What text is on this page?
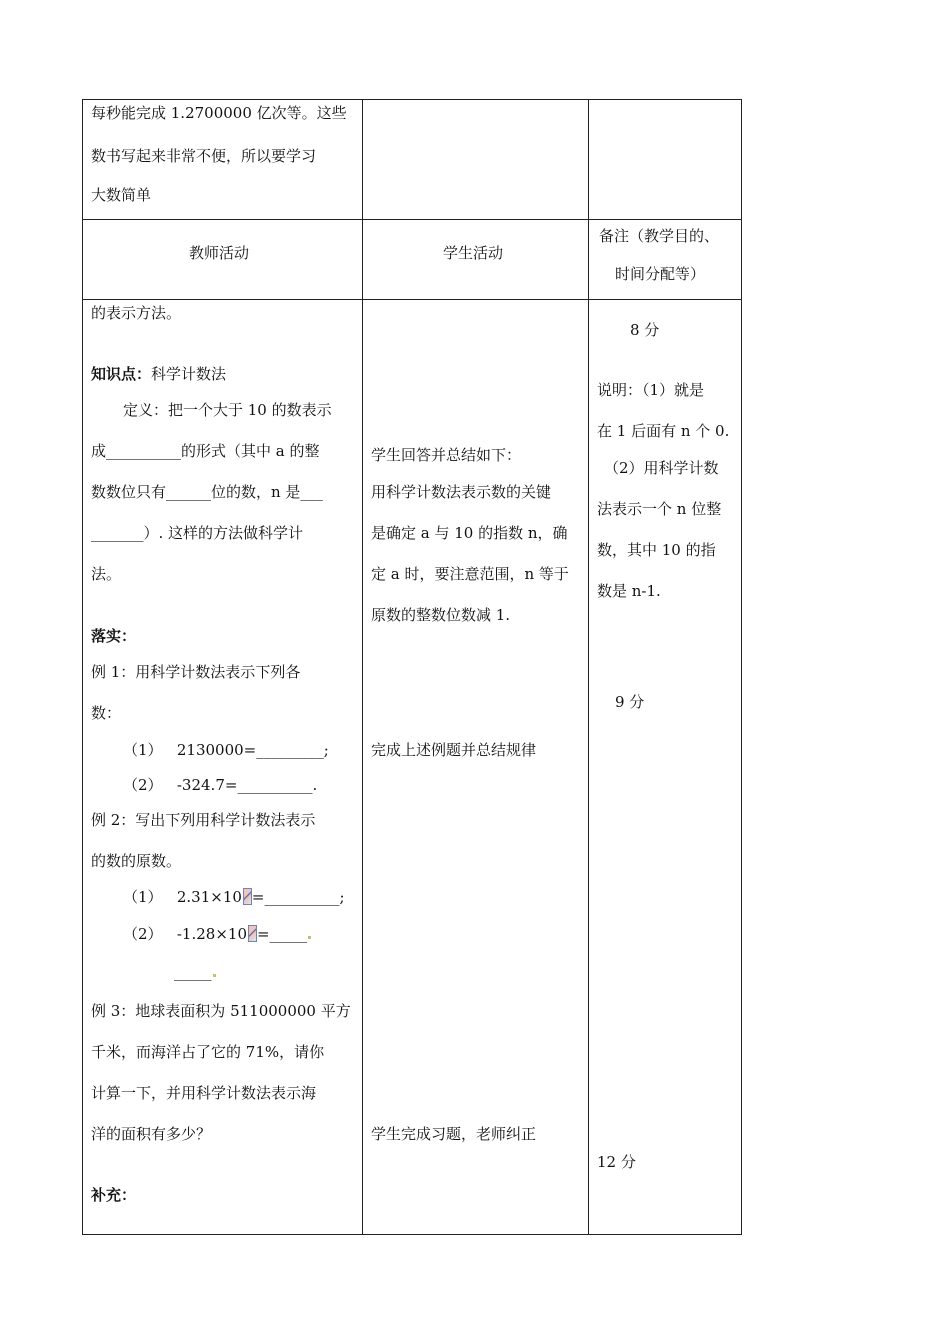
每秒能完成 1.2700000 亿次等。这些
数书写起来非常不便，所以要学习
大数简单
教师活动	学生活动
备注（教学目的、
时间分配等）
的表示方法。
知识点：科学计数法
定义：把一个大于 10 的数表示
成__________的形式（其中 a 的整
数数位只有______位的数，n 是___
_______）. 这样的方法做科学计
法。
落实：
例 1：用科学计数法表示下列各
数：
（1） 2130000=_________;
（2） -324.7=__________.
例 2：写出下列用科学计数法表示
的数的原数。
（1） 2.31×10 =__________;
（2） -1.28×10 =_____
_____
例 3：地球表面积为 511000000 平方
千米，而海洋占了它的 71%，请你
计算一下，并用科学计数法表示海
洋的面积有多少？
补充：
学生回答并总结如下：
用科学计数法表示数的关键
是确定 a 与 10 的指数 n，确
定 a 时，要注意范围，n 等于
原数的整数位数减 1.
完成上述例题并总结规律
学生完成习题，老师纠正
8 分
说明：（1）就是
在 1 后面有 n 个 0.
（2）用科学计数
法表示一个 n 位整
数，其中 10 的指
数是 n-1.
9 分
12 分
